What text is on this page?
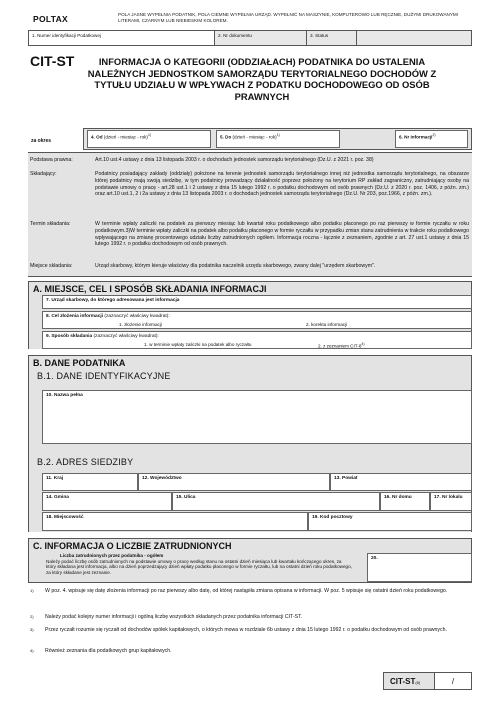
POLTAX	POLA JASNE WYPEŁNIA PODATNIK, POLA CIEMNE WYPEŁNIA URZĄD. WYPEŁNIĆ NA MASZYNIE, KOMPUTEROWO LUB RĘCZNIE, DUŻYMI DRUKOWANYMI LITERAMI, CZARNYM LUB NIEBIESKIM KOLOREM.
1. Numer identyfikacji Podatkowej	2. Nr dokumentu	3. Status
CIT-ST	INFORMACJA O KATEGORII (ODDZIAŁACH) PODATNIKA DO USTALENIA NALEŻNYCH JEDNOSTKOM SAMORZĄDU TERYTORIALNEGO DOCHODÓW Z TYTUŁU UDZIAŁU W WPŁYWACH Z PODATKU DOCHODOWEGO OD OSÓB PRAWNYCH
za okres
4. Od (dzień - miesiąc - rok)$^{1)}$	5. Do (dzień - miesiąc - rok)$^{1)}$	6. Nr informacji$^{2)}$
Podstawa prawna:	Art.10 ust.4 ustawy z dnia 13 listopada 2003 r. o dochodach jednostek samorządu terytorialnego (Dz.U. z 2021 r. poz. 38)
Składający:	Podatnicy posiadający zakłady (oddziały) położone na terenie jednostek samorządu terytorialnego innej niż jednostka samorządu terytorialnego, na obszarze której podatnicy mają swoją siedzibę, w tym podatnicy prowadzący działalność poprzez położony na terytorium RP zakład zagraniczny, zatrudniający osoby na podstawie umowy o pracę - art.28 ust.1 i 2 ustawy z dnia 15 lutego 1992 r. o podatku dochodowym od osób prawnych (Dz.U. z 2020 r. poz. 1406, z późn. zm.) oraz art.10 ust.1, 2 i 2a ustawy z dnia 13 listopada 2003 r. o dochodach jednostek samorządu terytorialnego (Dz.U. Nr 203, poz.1966, z późn. zm.).
Termin składania:	W terminie wpłaty zaliczki na podatek za pierwszy miesiąc lub kwartał roku podatkowego albo podatku płaconego po raz pierwszy w formie ryczałtu w roku podatkowym.3)W terminie wpłaty zaliczki na podatek albo podatku płaconego w formie ryczałtu w przypadku zmian stanu zatrudnienia w trakcie roku podatkowego wpływającego na zmianę procentowego udziału liczby zatrudnionych ogółem. Informacja roczna - łącznie z zeznaniem, zgodnie z art. 27 ust.1 ustawy z dnia 15 lutego 1992 r. o podatku dochodowym od osób prawnych.
Miejsce składania:	Urząd skarbowy, którym kieruje właściwy dla podatnika naczelnik urzędu skarbowego, zwany dalej "urzędem skarbowym".
A. MIEJSCE, CEL I SPOSÓB SKŁADANIA INFORMACJI
7. Urząd skarbowy, do którego adresowana jest informacja
8. Cel złożenia informacji (zaznaczyć właściwy kwadrat):
1. złożenie informacji	2. korekta informacji
9. Sposób składania (zaznaczyć właściwy kwadrat):
1. w terminie wpłaty zaliczki na podatek albo ryczałtu	2. z zeznaniem CIT-8$^{4)}$
B. DANE PODATNIKA
B.1. DANE IDENTYFIKACYJNE
10. Nazwa pełna
B.2. ADRES SIEDZIBY
11. Kraj	12. Województwo	13. Powiat
14. Gmina	15. Ulica	16. Nr domu	17. Nr lokalu
18. Miejscowość	19. Kod pocztowy
C. INFORMACJA O LICZBIE ZATRUDNIONYCH
Liczba zatrudnionych przez podatnika - ogółem
Należy podać liczbę osób zatrudnionych na podstawie umowy o pracę według stanu na ostatni dzień miesiąca lub kwartału kończącego okres, za który składana jest informacja, albo na dzień poprzedzający dzień wpłaty podatku płaconego w formie ryczałtu, lub na ostatni dzień roku podatkowego, za który składane jest zeznanie.
20.
1) W poz. 4. wpisuje się datę złożenia informacji po raz pierwszy albo datę, od której nastąpiła zmiana opisana w informacji. W poz. 5 wpisuje się ostatni dzień roku podatkowego.
2) Należy podać kolejny numer informacji i ogólną liczbę wszystkich składanych przez podatnika informacji CIT-ST.
3) Przez ryczałt rozumie się ryczałt od dochodów spółek kapitałowych, o których mowa w rozdziale 6b ustawy z dnia 15 lutego 1992 r. o podatku dochodowym od osób prawnych.
4) Również zeznania dla podatkowych grup kapitałowych.
CIT-ST(8)	/
